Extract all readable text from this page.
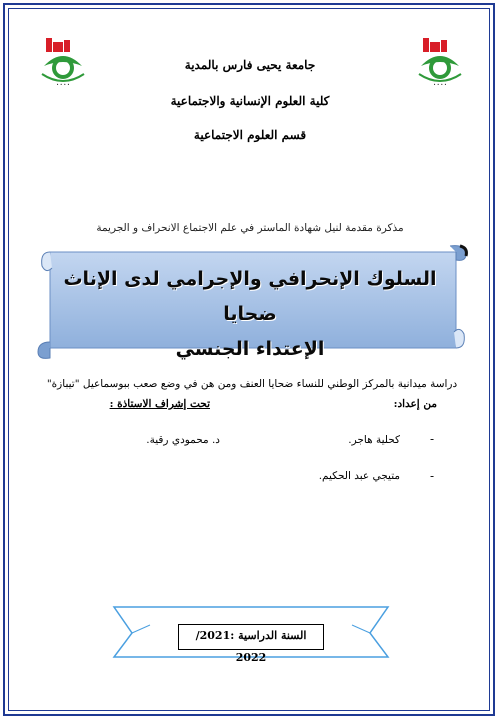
• • • •	• • • •
جامعة يحيى فارس بالمدية
كلية العلوم الإنسانية والاجتماعية
قسم العلوم الاجتماعية
مذكرة مقدمة لنيل شهادة الماستر في علم الاجتماع الانحراف و الجريمة
السلوك الإنحرافي والإجرامي لدى الإناث ضحايا
الإعتداء الجنسي
دراسة ميدانية بالمركز الوطني للنساء ضحايا العنف ومن هن في وضع صعب ببوسماعيل "تيبازة"
من إعداد:
تحت إشراف الاستاذة :
-
كحلية هاجر.
د. محمودي رقية.
-
متيجي عبد الحكيم.
السنة الدراسية :2021/ 2022
